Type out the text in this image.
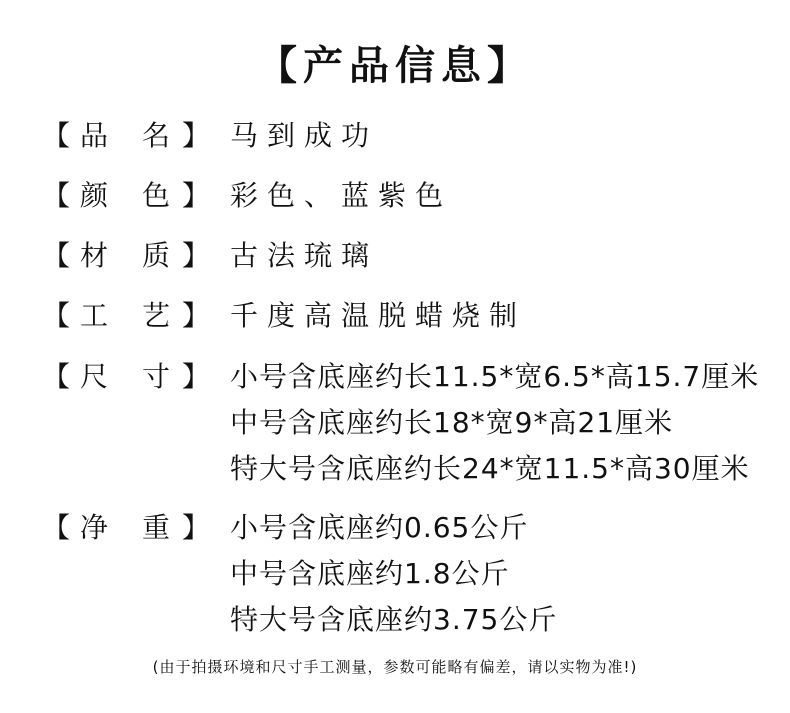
【产品信息】
【 品 名 】 马到成功
【 颜 色 】 彩色、蓝紫色
【 材 质 】 古法琉璃
【 工 艺 】 千度高温脱蜡烧制
【 尺 寸 】 小号含底座约长11.5*宽6.5*高15.7厘米
中号含底座约长18*宽9*高21厘米
特大号含底座约长24*宽11.5*高30厘米
【 净 重 】 小号含底座约0.65公斤
中号含底座约1.8公斤
特大号含底座约3.75公斤
(由于拍摄环境和尺寸手工测量，参数可能略有偏差，请以实物为准!)
